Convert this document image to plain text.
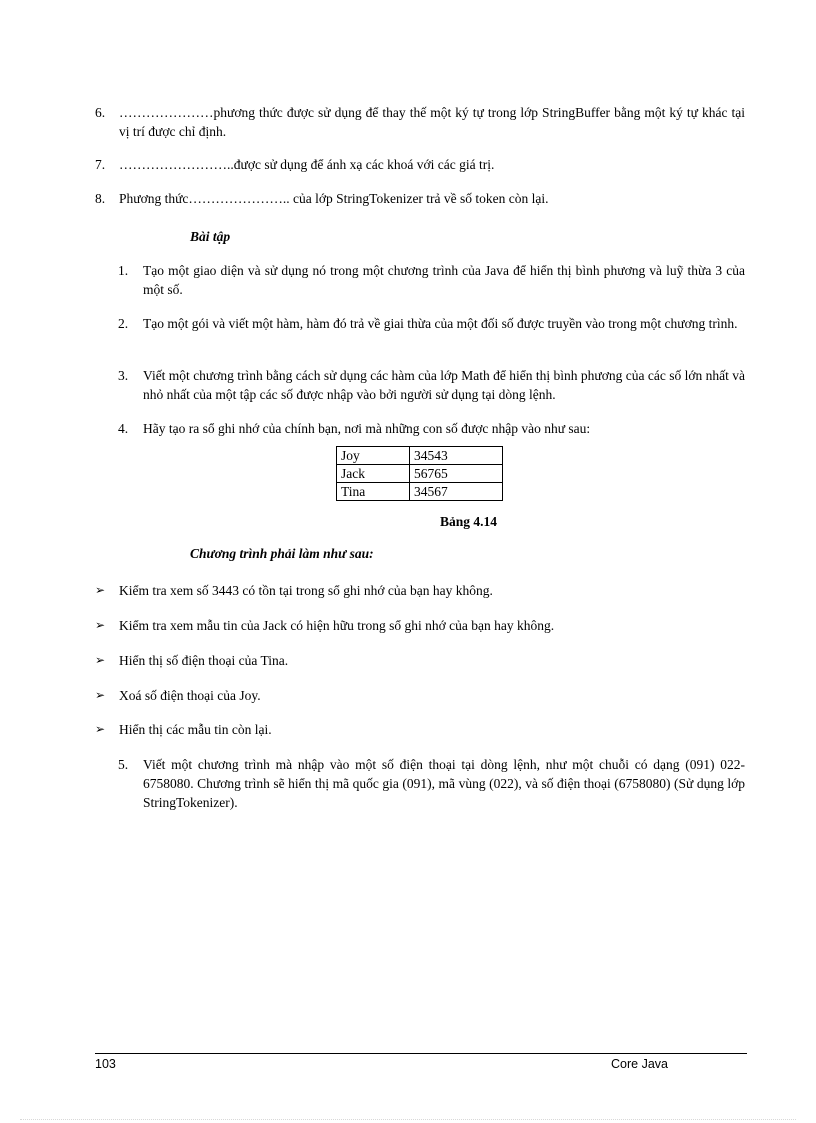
6. …………………phương thức được sử dụng để thay thế một ký tự trong lớp StringBuffer bằng một ký tự khác tại vị trí được chỉ định.
7. ……………………..được sử dụng để ánh xạ các khoá với các giá trị.
8. Phương thức………………….. của lớp StringTokenizer trả về số token còn lại.
Bài tập
1. Tạo một giao diện và sử dụng nó trong một chương trình của Java để hiển thị bình phương và luỹ thừa 3 của một số.
2. Tạo một gói và viết một hàm, hàm đó trả về giai thừa của một đối số được truyền vào trong một chương trình.
3. Viết một chương trình bằng cách sử dụng các hàm của lớp Math để hiển thị bình phương của các số lớn nhất và nhỏ nhất của một tập các số được nhập vào bởi người sử dụng tại dòng lệnh.
4. Hãy tạo ra sổ ghi nhớ của chính bạn, nơi mà những con số được nhập vào như sau:
Joy	34543
Jack	56765
Tina	34567
Bảng 4.14
Chương trình phải làm như sau:
➢ Kiểm tra xem số 3443 có tồn tại trong sổ ghi nhớ của bạn hay không.
➢ Kiểm tra xem mẫu tin của Jack có hiện hữu trong sổ ghi nhớ của bạn hay không.
➢ Hiển thị số điện thoại của Tina.
➢ Xoá số điện thoại của Joy.
➢ Hiển thị các mẫu tin còn lại.
5. Viết một chương trình mà nhập vào một số điện thoại tại dòng lệnh, như một chuỗi có dạng (091) 022-6758080. Chương trình sẽ hiển thị mã quốc gia (091), mã vùng (022), và số điện thoại (6758080) (Sử dụng lớp StringTokenizer).
103	Core Java
